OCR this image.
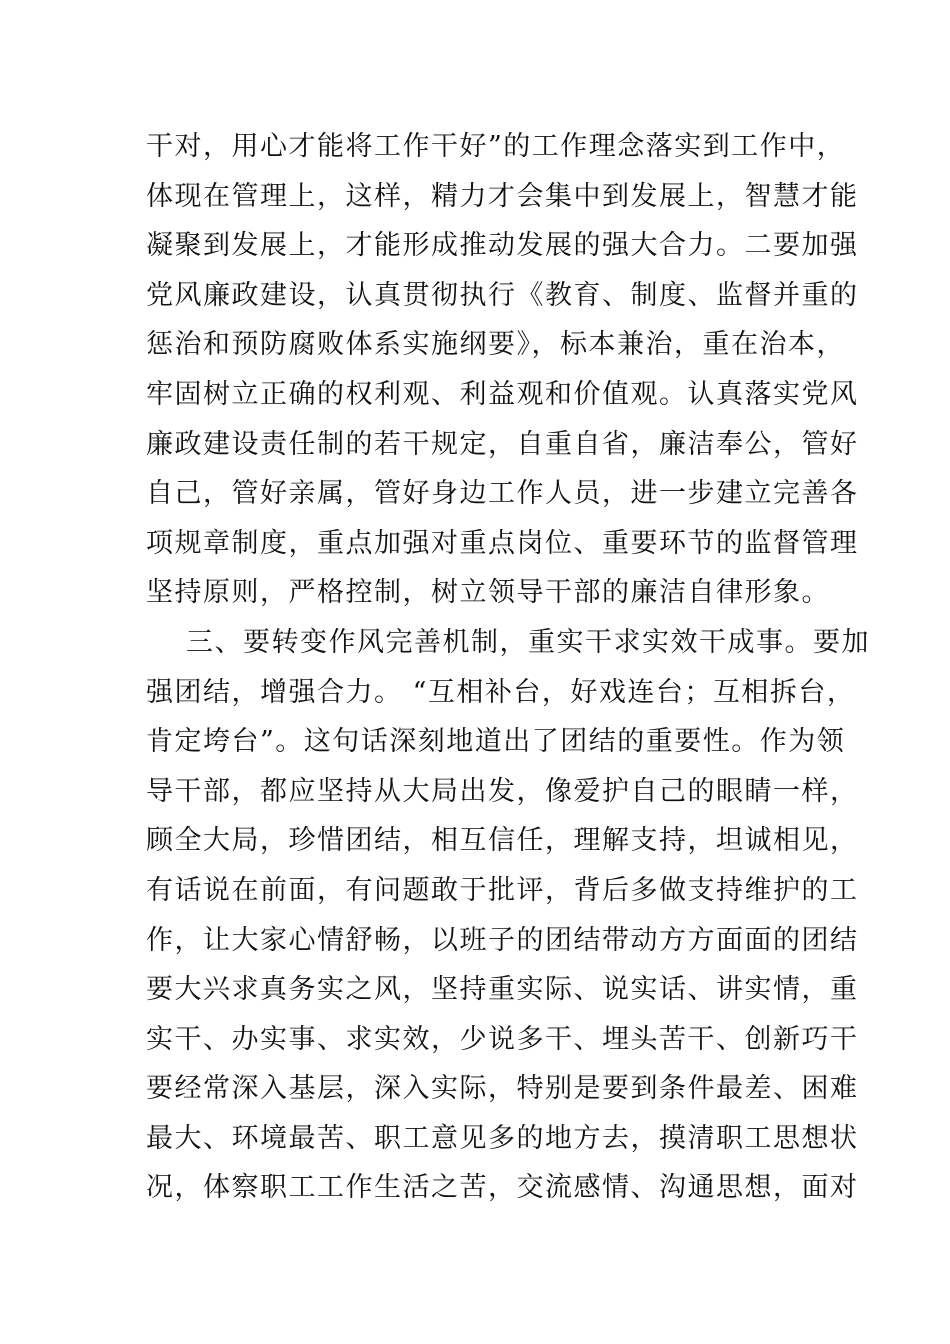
干对，用心才能将工作干好”的工作理念落实到工作中，
体现在管理上，这样，精力才会集中到发展上，智慧才能
凝聚到发展上，才能形成推动发展的强大合力。二要加强
党风廉政建设，认真贯彻执行《教育、制度、监督并重的
惩治和预防腐败体系实施纲要》，标本兼治，重在治本，
牢固树立正确的权利观、利益观和价值观。认真落实党风
廉政建设责任制的若干规定，自重自省，廉洁奉公，管好
自己，管好亲属，管好身边工作人员，进一步建立完善各
项规章制度，重点加强对重点岗位、重要环节的监督管理
坚持原则，严格控制，树立领导干部的廉洁自律形象。
三、要转变作风完善机制，重实干求实效干成事。要加
强团结，增强合力。 “互相补台，好戏连台；互相拆台，
肯定垮台”。这句话深刻地道出了团结的重要性。作为领
导干部，都应坚持从大局出发，像爱护自己的眼睛一样，
顾全大局，珍惜团结，相互信任，理解支持，坦诚相见，
有话说在前面，有问题敢于批评，背后多做支持维护的工
作，让大家心情舒畅，以班子的团结带动方方面面的团结
要大兴求真务实之风，坚持重实际、说实话、讲实情，重
实干、办实事、求实效，少说多干、埋头苦干、创新巧干
要经常深入基层，深入实际，特别是要到条件最差、困难
最大、环境最苦、职工意见多的地方去，摸清职工思想状
况，体察职工工作生活之苦，交流感情、沟通思想，面对
